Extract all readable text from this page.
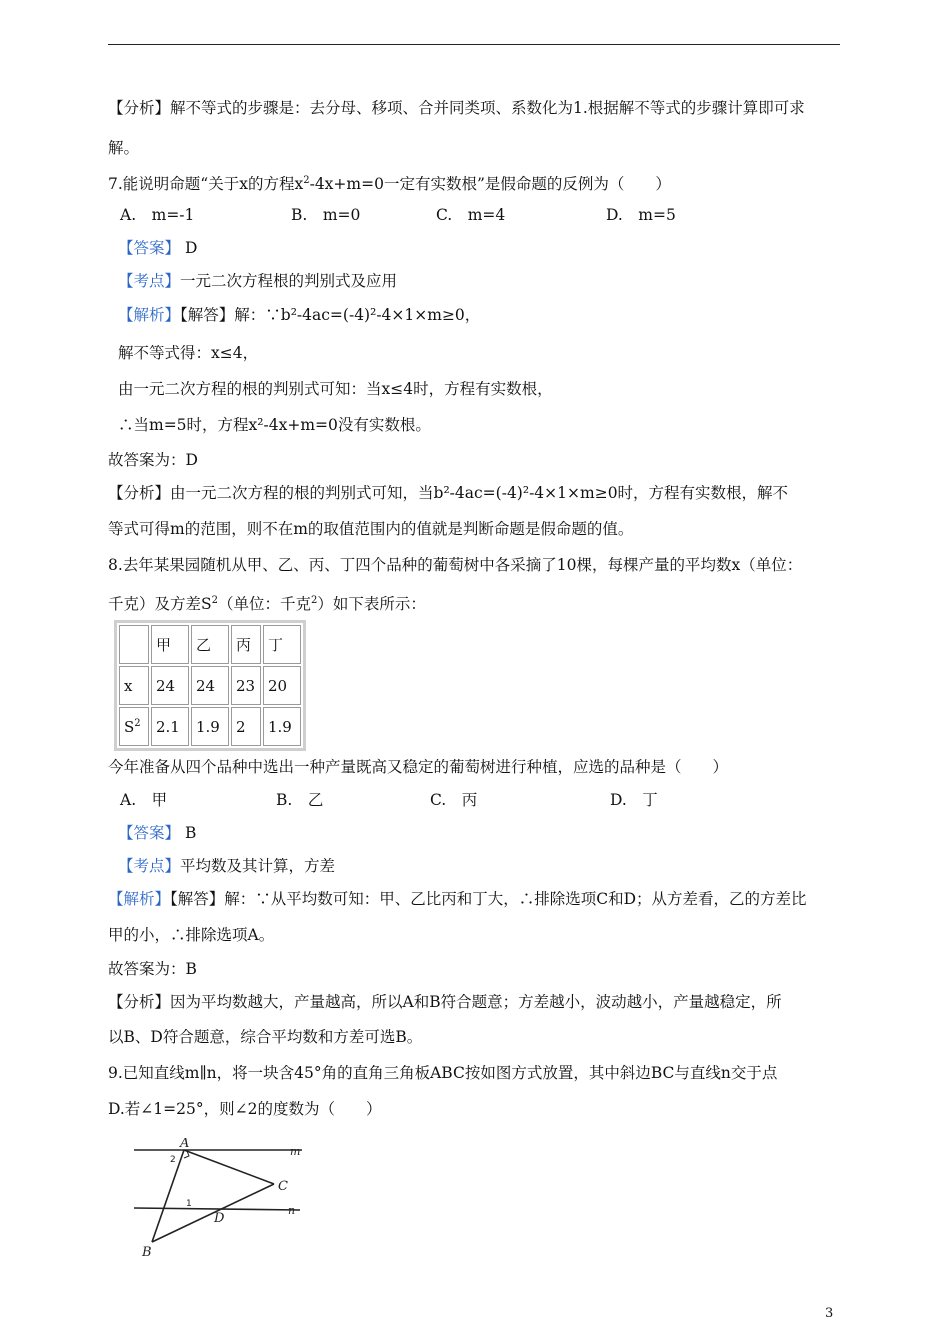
【分析】解不等式的步骤是：去分母、移项、合并同类项、系数化为1.根据解不等式的步骤计算即可求
解。
7.能说明命题“关于x的方程$x^2-4x+m=0$一定有实数根”是假命题的反例为（　　）
A.　m=-1	B.　m=0	C.　m=4	D.　m=5
【答案】 D
【考点】一元二次方程根的判别式及应用
【解析】【解答】解：∵b²-4ac=(-4)²-4×1×m≥0，
解不等式得：x≤4，
由一元二次方程的根的判别式可知：当x≤4时，方程有实数根，
∴当m=5时，方程x²-4x+m=0没有实数根。
故答案为：D
【分析】由一元二次方程的根的判别式可知，当b²-4ac=(-4)²-4×1×m≥0时，方程有实数根，解不
等式可得m的范围，则不在m的取值范围内的值就是判断命题是假命题的值。
8.去年某果园随机从甲、乙、丙、丁四个品种的葡萄树中各采摘了10棵，每棵产量的平均数x（单位：
千克）及方差$S^2$（单位：千克$^2$）如下表所示：
	甲	乙	丙	丁
x	24	24	23	20
$S^2$	2.1	1.9	2	1.9
今年准备从四个品种中选出一种产量既高又稳定的葡萄树进行种植，应选的品种是（　　）
A.　甲	B.　乙	C.　丙	D.　丁
【答案】 B
【考点】平均数及其计算，方差
【解析】【解答】解：∵从平均数可知：甲、乙比丙和丁大，∴排除选项C和D；从方差看，乙的方差比
甲的小，∴排除选项A。
故答案为：B
【分析】因为平均数越大，产量越高，所以A和B符合题意；方差越小，波动越小，产量越稳定，所
以B、D符合题意，综合平均数和方差可选B。
9.已知直线m∥n，将一块含45°角的直角三角板ABC按如图方式放置，其中斜边BC与直线n交于点
D.若∠1=25°，则∠2的度数为（　　）
A
B
C
D
m
n
1
2
3
